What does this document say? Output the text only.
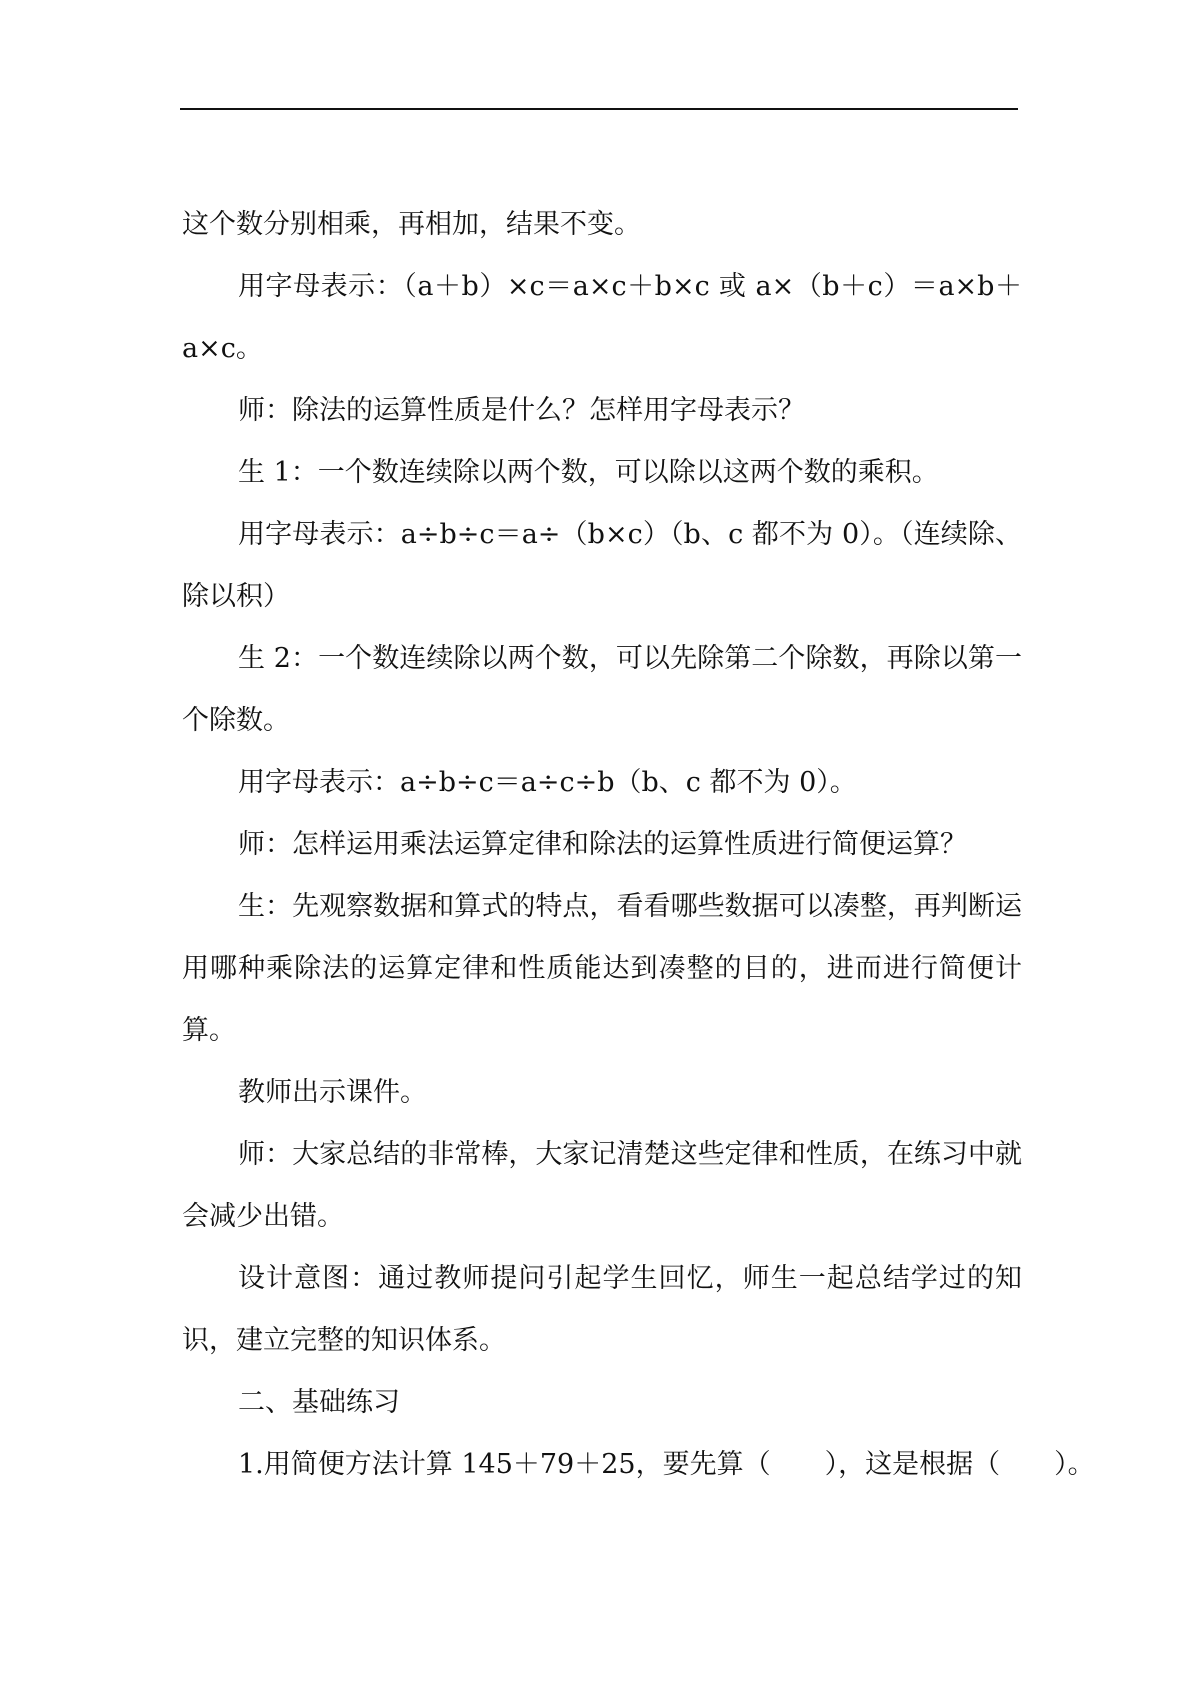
这个数分别相乘，再相加，结果不变。

用字母表示：（a＋b）×c＝a×c＋b×c 或 a×（b＋c）＝a×b＋a×c。

师：除法的运算性质是什么？怎样用字母表示？

生 1：一个数连续除以两个数，可以除以这两个数的乘积。

用字母表示：a÷b÷c＝a÷（b×c）（b、c 都不为 0）。（连续除、除以积）

生 2：一个数连续除以两个数，可以先除第二个除数，再除以第一个除数。

用字母表示：a÷b÷c＝a÷c÷b（b、c 都不为 0）。

师：怎样运用乘法运算定律和除法的运算性质进行简便运算？

生：先观察数据和算式的特点，看看哪些数据可以凑整，再判断运用哪种乘除法的运算定律和性质能达到凑整的目的，进而进行简便计算。

教师出示课件。

师：大家总结的非常棒，大家记清楚这些定律和性质，在练习中就会减少出错。

设计意图：通过教师提问引起学生回忆，师生一起总结学过的知识，建立完整的知识体系。

二、基础练习

1.用简便方法计算 145＋79＋25，要先算（　　），这是根据（　　）。
